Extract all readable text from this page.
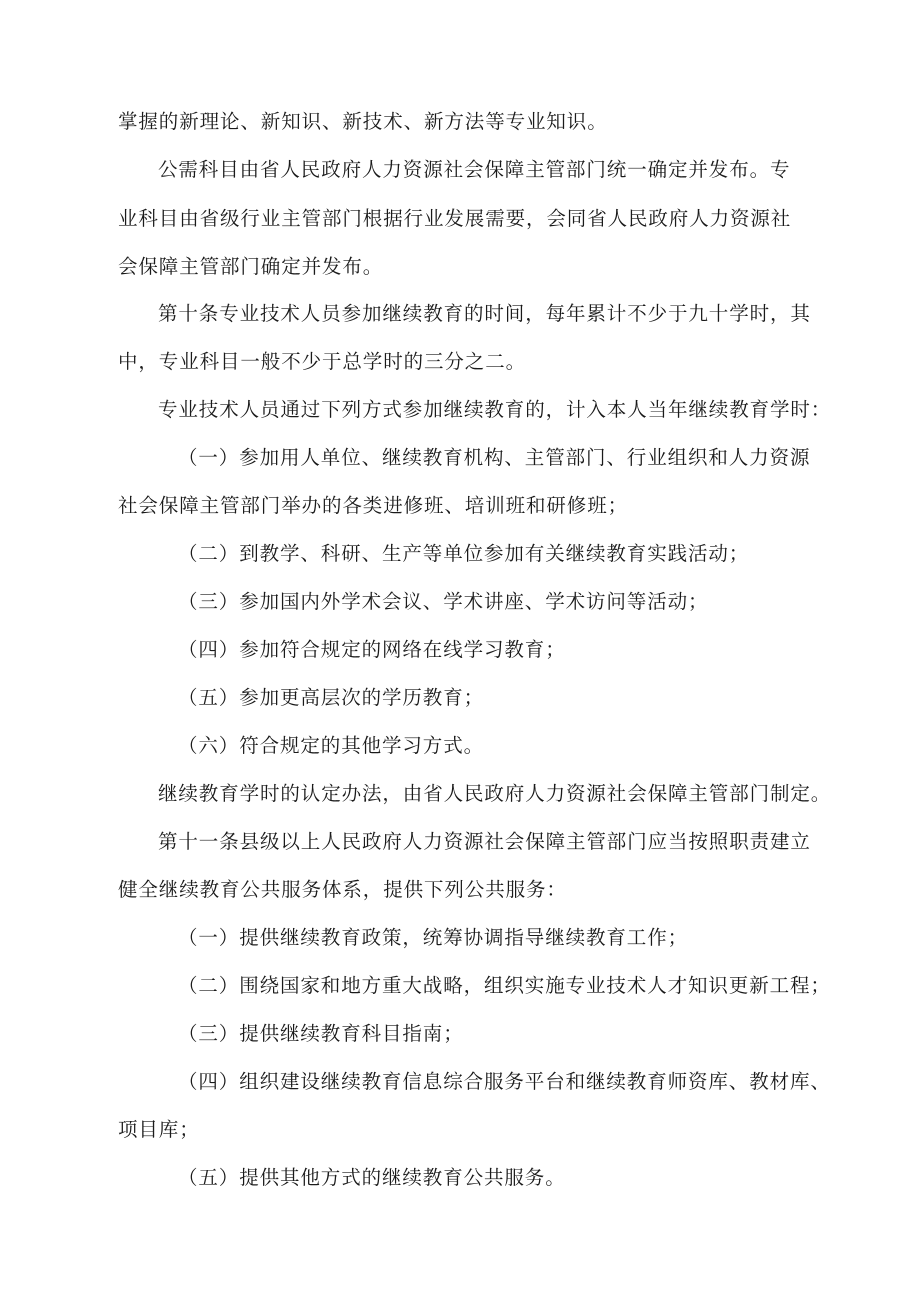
掌握的新理论、新知识、新技术、新方法等专业知识。
公需科目由省人民政府人力资源社会保障主管部门统一确定并发布。专
业科目由省级行业主管部门根据行业发展需要，会同省人民政府人力资源社
会保障主管部门确定并发布。
第十条专业技术人员参加继续教育的时间，每年累计不少于九十学时，其
中，专业科目一般不少于总学时的三分之二。
专业技术人员通过下列方式参加继续教育的，计入本人当年继续教育学时：
（一）参加用人单位、继续教育机构、主管部门、行业组织和人力资源
社会保障主管部门举办的各类进修班、培训班和研修班；
（二）到教学、科研、生产等单位参加有关继续教育实践活动；
（三）参加国内外学术会议、学术讲座、学术访问等活动；
（四）参加符合规定的网络在线学习教育；
（五）参加更高层次的学历教育；
（六）符合规定的其他学习方式。
继续教育学时的认定办法，由省人民政府人力资源社会保障主管部门制定。
第十一条县级以上人民政府人力资源社会保障主管部门应当按照职责建立
健全继续教育公共服务体系，提供下列公共服务：
（一）提供继续教育政策，统筹协调指导继续教育工作；
（二）围绕国家和地方重大战略，组织实施专业技术人才知识更新工程；
（三）提供继续教育科目指南；
（四）组织建设继续教育信息综合服务平台和继续教育师资库、教材库、
项目库；
（五）提供其他方式的继续教育公共服务。
